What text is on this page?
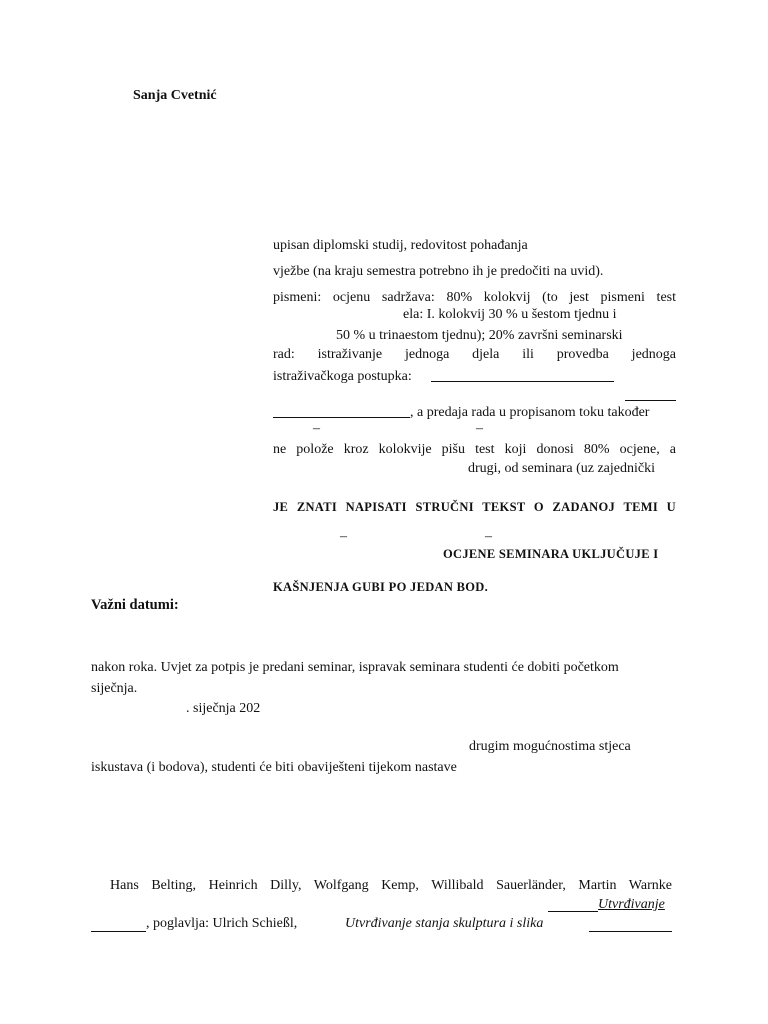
Sanja Cvetnić
upisan diplomski studij, redovitost pohađanja
vježbe (na kraju semestra potrebno ih je predočiti na uvid).
pismeni: ocjenu sadržava: 80% kolokvij (to jest pismeni test
ela: I. kolokvij 30 % u šestom tjednu i
50 % u trinaestom tjednu); 20% završni seminarski
rad: istraživanje jednoga djela ili provedba jednoga
istraživačkoga postupka:
, a predaja rada u propisanom toku također
–	–
ne polože kroz kolokvije pišu test koji donosi 80% ocjene, a
drugi, od seminara (uz zajednički
JE ZNATI NAPISATI STRUČNI TEKST O ZADANOJ TEMI U
–	–
OCJENE SEMINARA UKLJUČUJE I
KAŠNJENJA GUBI PO JEDAN BOD.
Važni datumi:
nakon roka. Uvjet za potpis je predani seminar, ispravak seminara studenti će dobiti početkom
siječnja.
. siječnja 202
drugim mogućnostima stjeca
iskustava (i bodova), studenti će biti obaviješteni tijekom nastave
Hans Belting, Heinrich Dilly, Wolfgang Kemp, Willibald Sauerländer, Martin Warnke
Utvrđivanje
, poglavlja: Ulrich Schießl,	Utvrđivanje stanja skulptura i slika
